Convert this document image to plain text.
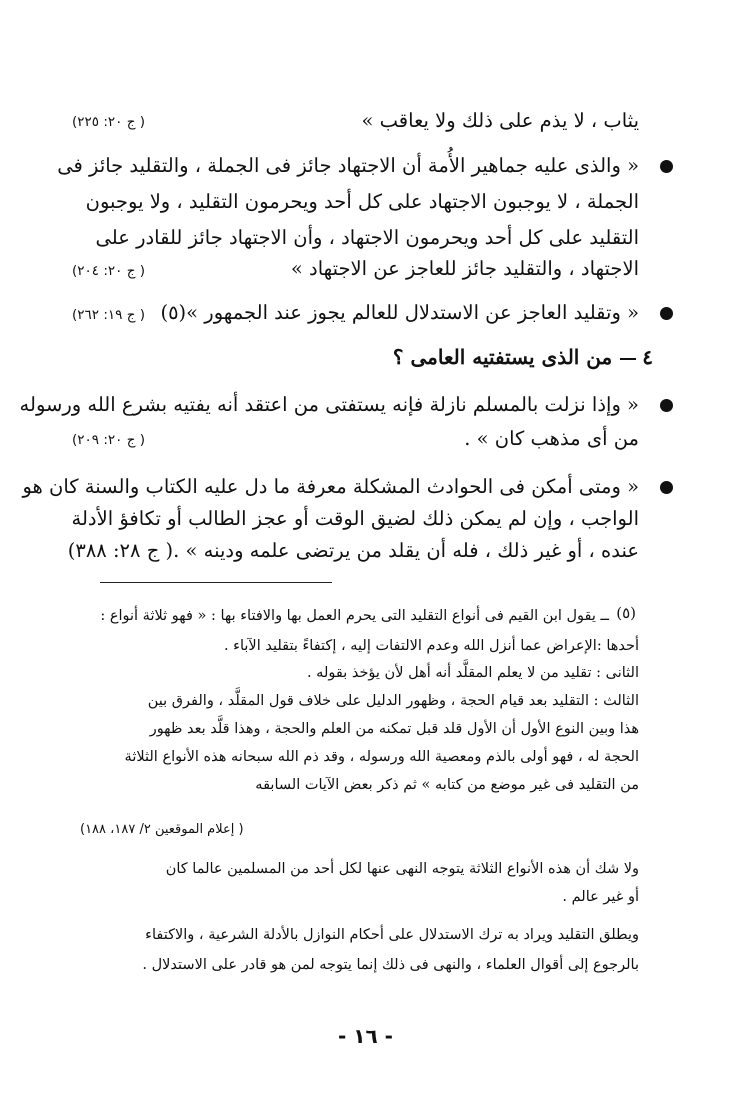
يثاب ، لا يذم على ذلك ولا يعاقب »
( ج ٢٠: ٢٢٥)
« والذى عليه جماهير الأُمة أن الاجتهاد جائز فى الجملة ، والتقليد جائز فى
الجملة ، لا يوجبون الاجتهاد على كل أحد ويحرمون التقليد ، ولا يوجبون
التقليد على كل أحد ويحرمون الاجتهاد ، وأن الاجتهاد جائز للقادر على
الاجتهاد ، والتقليد جائز للعاجز عن الاجتهاد »
( ج ٢٠: ٢٠٤)
« وتقليد العاجز عن الاستدلال للعالم يجوز عند الجمهور »(٥)
( ج ١٩: ٢٦٢)
٤من الذى يستفتيه العامى ؟
« وإذا نزلت بالمسلم نازلة فإنه يستفتى من اعتقد أنه يفتيه بشرع الله ورسوله
من أى مذهب كان » .
( ج ٢٠: ٢٠٩)
« ومتى أمكن فى الحوادث المشكلة معرفة ما دل عليه الكتاب والسنة كان هو
الواجب ، وإن لم يمكن ذلك لضيق الوقت أو عجز الطالب أو تكافؤ الأدلة
عنده ، أو غير ذلك ، فله أن يقلد من يرتضى علمه ودينه » .( ج ٢٨: ٣٨٨)
(٥)
ــ يقول ابن القيم فى أنواع التقليد التى يحرم العمل بها والافتاء بها : « فهو ثلاثة أنواع :
أحدها :الإعراض عما أنزل الله وعدم الالتفات إليه ، إكتفاءً بتقليد الآباء .
الثانى : تقليد من لا يعلم المقلَّد أنه أهل لأن يؤخذ بقوله .
الثالث : التقليد بعد قيام الحجة ، وظهور الدليل على خلاف قول المقلَّد ، والفرق بين
هذا وبين النوع الأول أن الأول قلد قبل تمكنه من العلم والحجة ، وهذا قلَّد بعد ظهور
الحجة له ، فهو أولى بالذم ومعصية الله ورسوله ، وقد ذم الله سبحانه هذه الأنواع الثلاثة
من التقليد فى غير موضع من كتابه » ثم ذكر بعض الآيات السابقه
( إعلام الموقعين ٢/ ١٨٧، ١٨٨)
ولا شك أن هذه الأنواع الثلاثة يتوجه النهى عنها لكل أحد من المسلمين عالما كان
أو غير عالم .
ويطلق التقليد ويراد به ترك الاستدلال على أحكام النوازل بالأدلة الشرعية ، والاكتفاء
بالرجوع إلى أقوال العلماء ، والنهى فى ذلك إنما يتوجه لمن هو قادر على الاستدلال .
- ١٦ -
